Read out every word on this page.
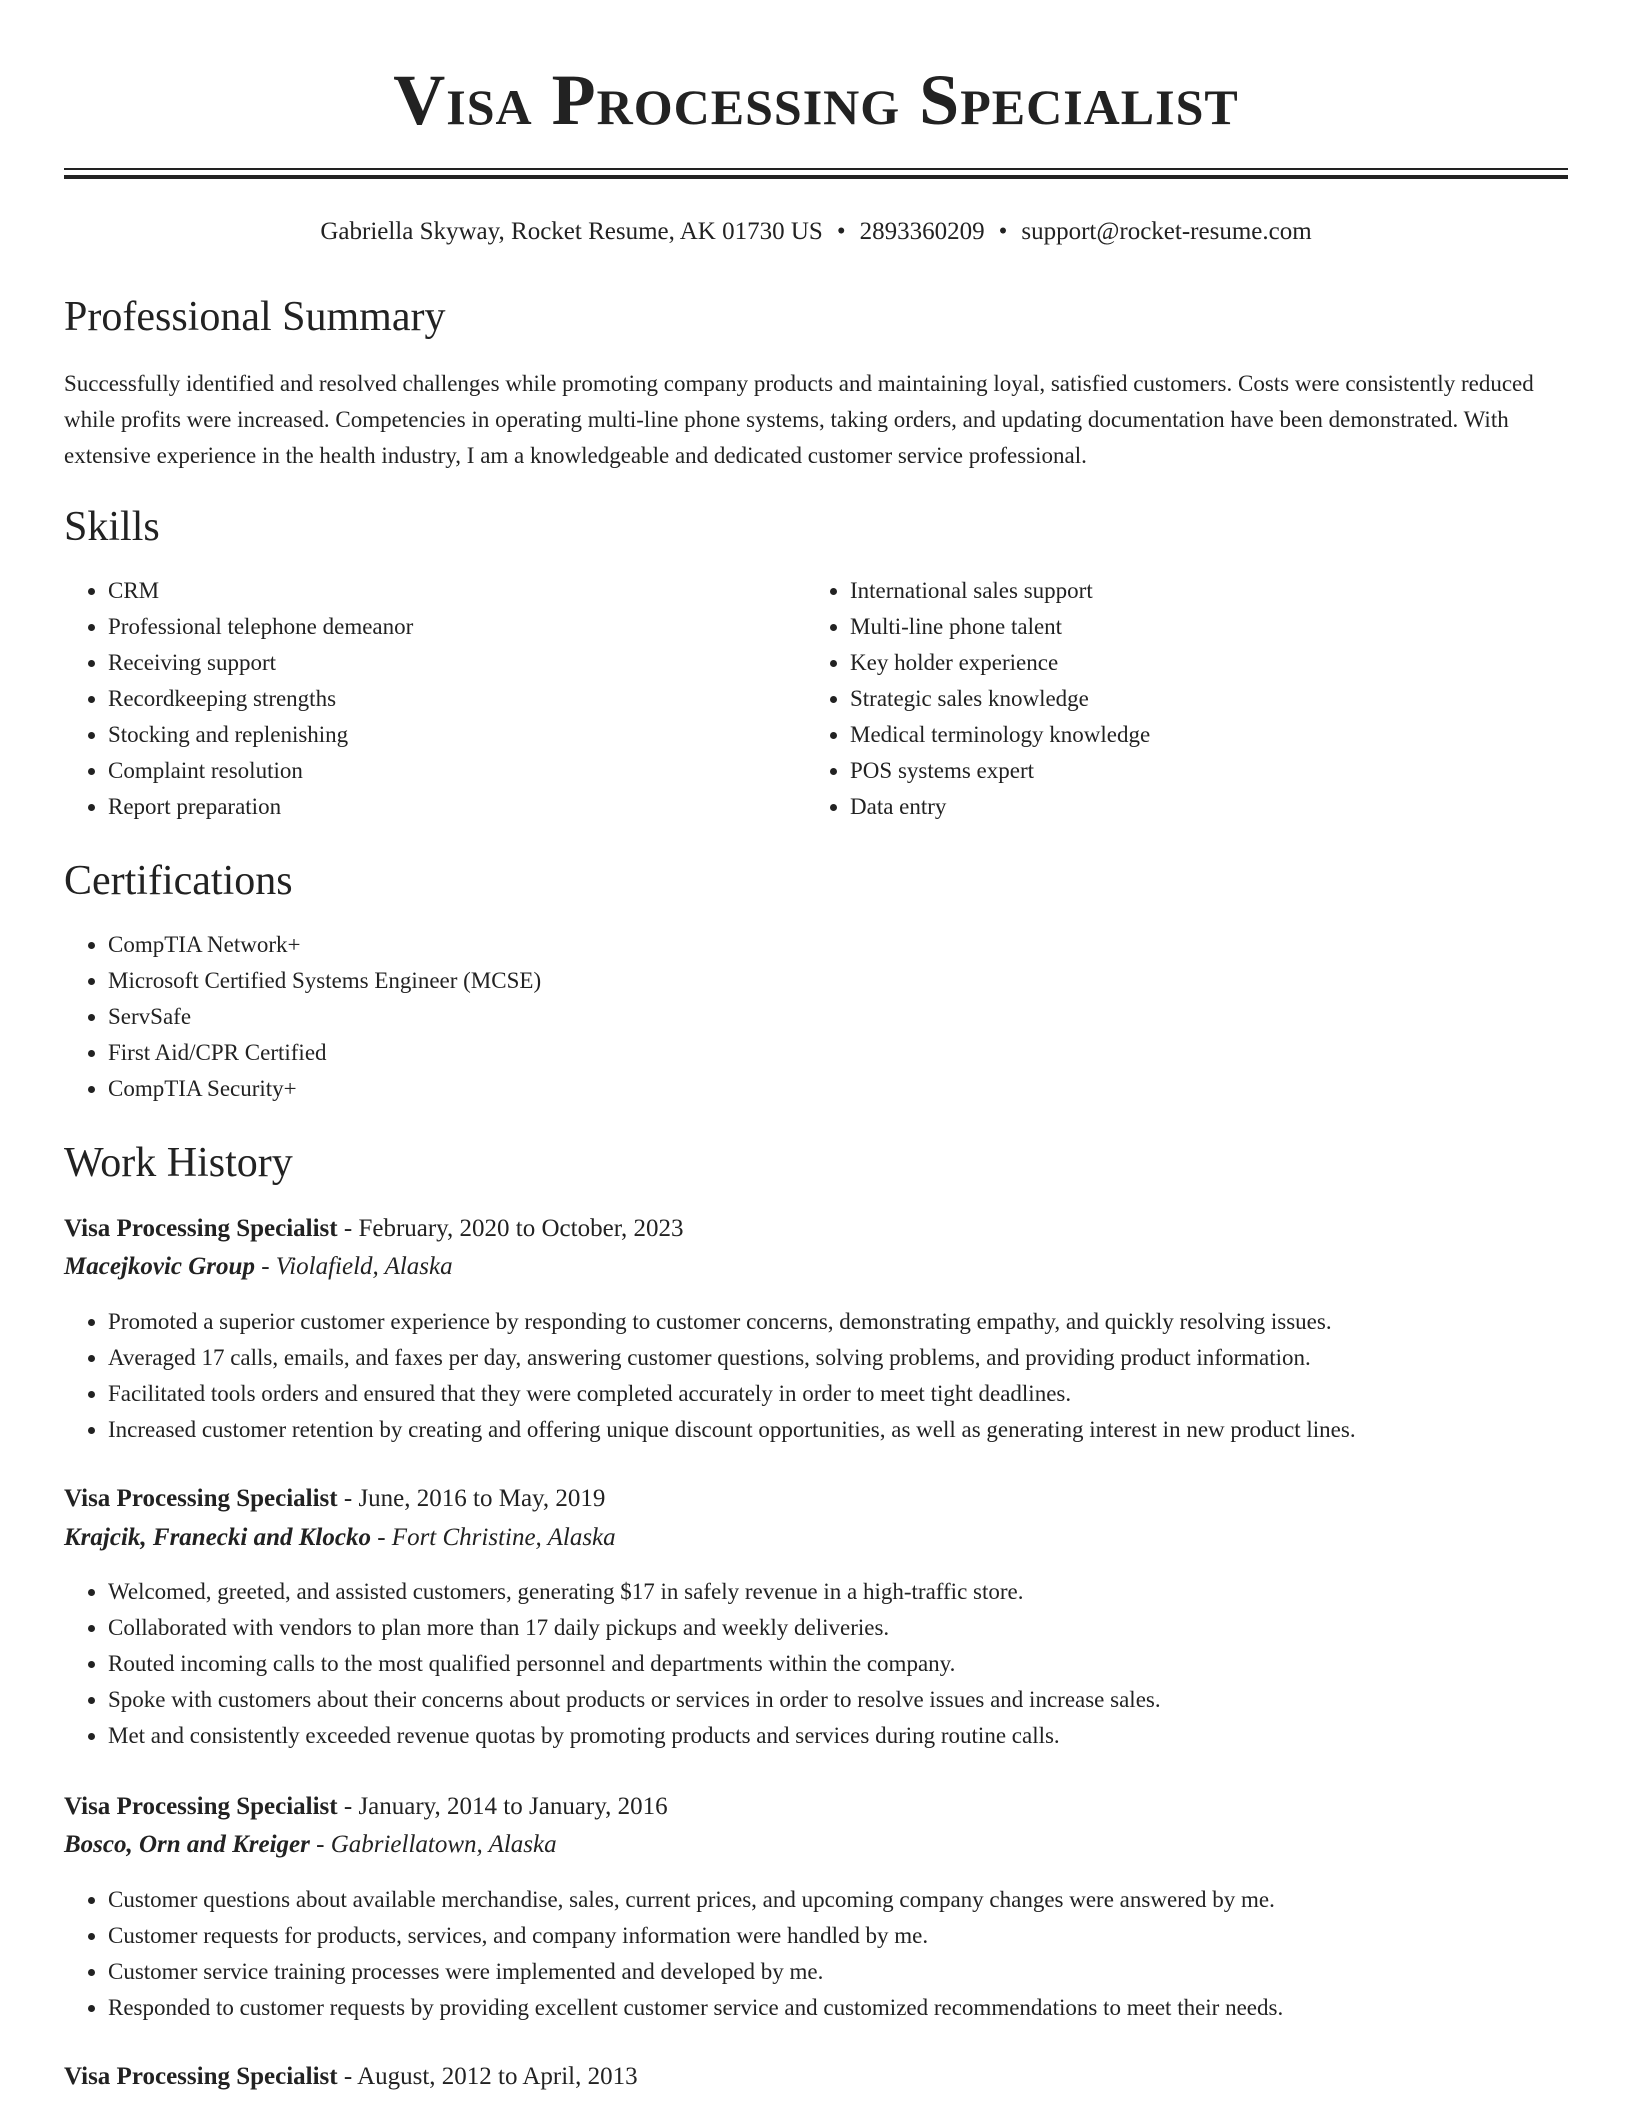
Visa Processing Specialist
Gabriella Skyway, Rocket Resume, AK 01730 US • 2893360209 • support@rocket-resume.com
Professional Summary

Successfully identified and resolved challenges while promoting company products and maintaining loyal, satisfied customers. Costs were consistently reduced while profits were increased. Competencies in operating multi-line phone systems, taking orders, and updating documentation have been demonstrated. With extensive experience in the health industry, I am a knowledgeable and dedicated customer service professional.

Skills
• CRM
• Professional telephone demeanor
• Receiving support
• Recordkeeping strengths
• Stocking and replenishing
• Complaint resolution
• Report preparation
• International sales support
• Multi-line phone talent
• Key holder experience
• Strategic sales knowledge
• Medical terminology knowledge
• POS systems expert
• Data entry
Certifications
• CompTIA Network+
• Microsoft Certified Systems Engineer (MCSE)
• ServSafe
• First Aid/CPR Certified
• CompTIA Security+
Work History
Visa Processing Specialist - February, 2020 to October, 2023
Macejkovic Group - Violafield, Alaska
• Promoted a superior customer experience by responding to customer concerns, demonstrating empathy, and quickly resolving issues.
• Averaged 17 calls, emails, and faxes per day, answering customer questions, solving problems, and providing product information.
• Facilitated tools orders and ensured that they were completed accurately in order to meet tight deadlines.
• Increased customer retention by creating and offering unique discount opportunities, as well as generating interest in new product lines.
Visa Processing Specialist - June, 2016 to May, 2019
Krajcik, Franecki and Klocko - Fort Christine, Alaska
• Welcomed, greeted, and assisted customers, generating $17 in safely revenue in a high-traffic store.
• Collaborated with vendors to plan more than 17 daily pickups and weekly deliveries.
• Routed incoming calls to the most qualified personnel and departments within the company.
• Spoke with customers about their concerns about products or services in order to resolve issues and increase sales.
• Met and consistently exceeded revenue quotas by promoting products and services during routine calls.
Visa Processing Specialist - January, 2014 to January, 2016
Bosco, Orn and Kreiger - Gabriellatown, Alaska
• Customer questions about available merchandise, sales, current prices, and upcoming company changes were answered by me.
• Customer requests for products, services, and company information were handled by me.
• Customer service training processes were implemented and developed by me.
• Responded to customer requests by providing excellent customer service and customized recommendations to meet their needs.
Visa Processing Specialist - August, 2012 to April, 2013
